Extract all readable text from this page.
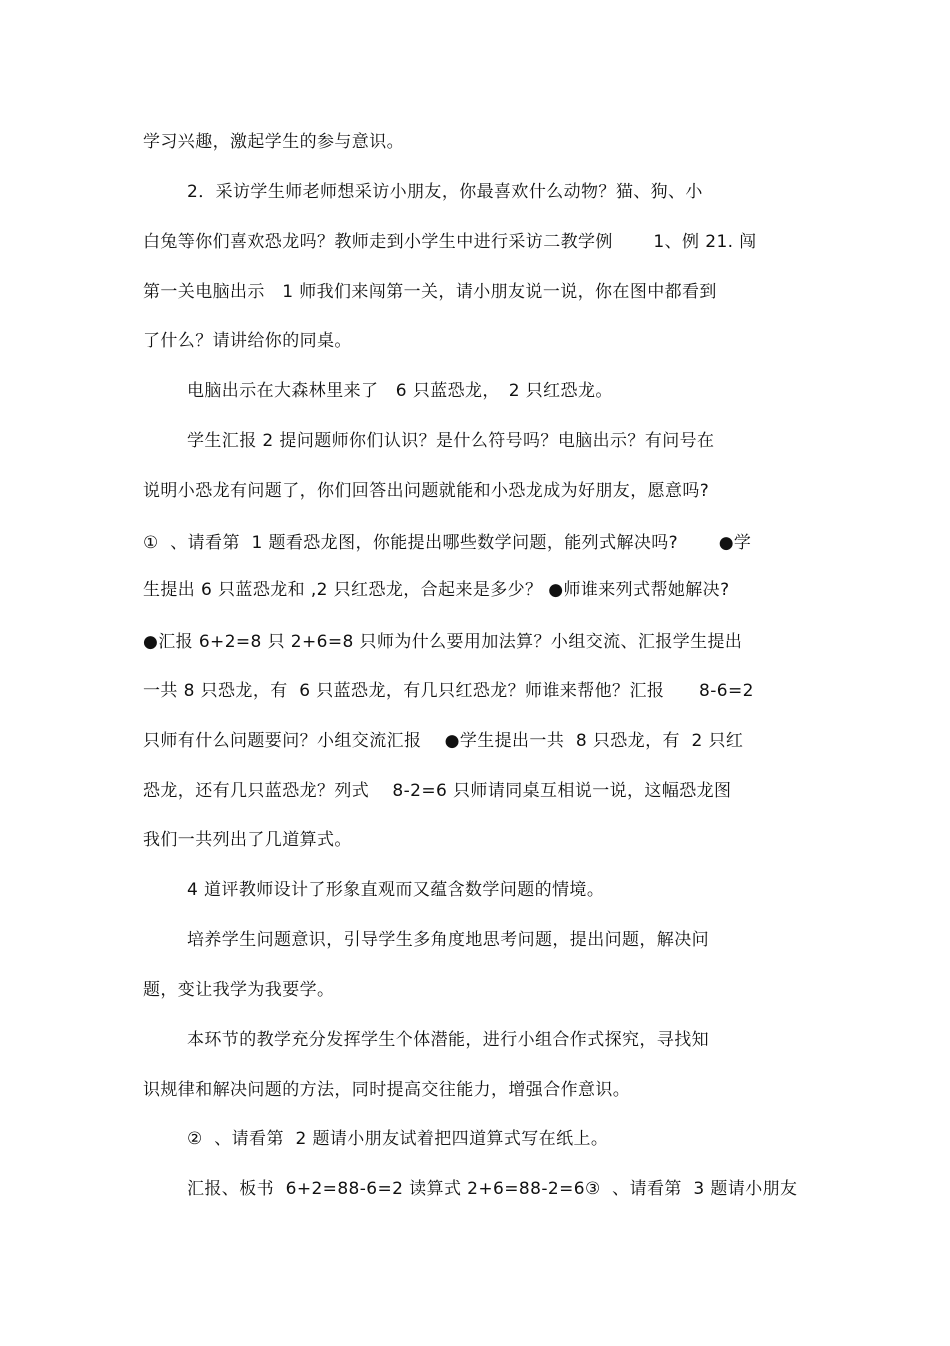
学习兴趣，激起学生的参与意识。
2．采访学生师老师想采访小朋友，你最喜欢什么动物？猫、狗、小
白兔等你们喜欢恐龙吗？教师走到小学生中进行采访二教学例　　 1、例 21. 闯
第一关电脑出示　1 师我们来闯第一关，请小朋友说一说，你在图中都看到
了什么？请讲给你的同桌。
电脑出示在大森林里来了　6 只蓝恐龙，　2 只红恐龙。
学生汇报 2 提问题师你们认识？是什么符号吗？电脑出示？有问号在
说明小恐龙有问题了，你们回答出问题就能和小恐龙成为好朋友，愿意吗?
①  、请看第  1 题看恐龙图，你能提出哪些数学问题，能列式解决吗?　　 ●学
生提出 6 只蓝恐龙和 ,2 只红恐龙，合起来是多少？ ●师谁来列式帮她解决?
●汇报 6+2=8 只 2+6=8 只师为什么要用加法算？小组交流、汇报学生提出
一共 8 只恐龙，有  6 只蓝恐龙，有几只红恐龙？师谁来帮他？汇报　　8-6=2
只师有什么问题要问？小组交流汇报　 ●学生提出一共  8 只恐龙，有  2 只红
恐龙，还有几只蓝恐龙？列式　 8-2=6 只师请同桌互相说一说，这幅恐龙图
我们一共列出了几道算式。
4 道评教师设计了形象直观而又蕴含数学问题的情境。
培养学生问题意识，引导学生多角度地思考问题，提出问题，解决问
题，变让我学为我要学。
本环节的教学充分发挥学生个体潜能，进行小组合作式探究，寻找知
识规律和解决问题的方法，同时提高交往能力，增强合作意识。
②  、请看第  2 题请小朋友试着把四道算式写在纸上。
汇报、板书  6+2=88-6=2 读算式 2+6=88-2=6③  、请看第  3 题请小朋友
